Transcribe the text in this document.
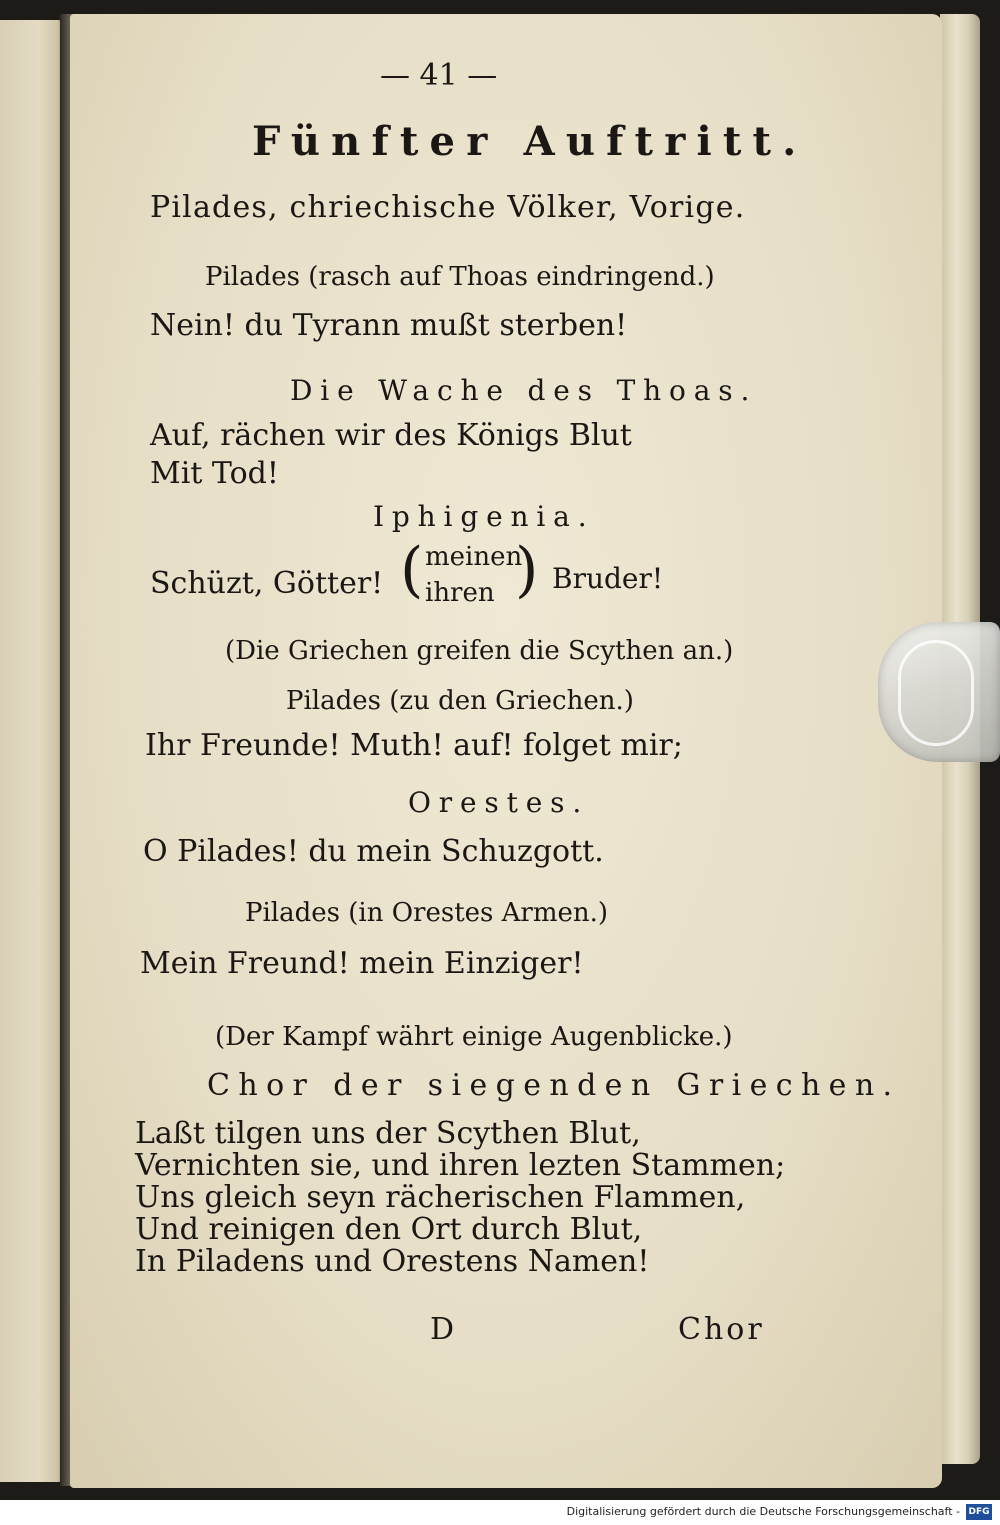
— 41 —
Fünfter Auftritt.
Pilades, chriechische Völker, Vorige.
Pilades (rasch auf Thoas eindringend.)
Nein! du Tyrann mußt sterben!
Die Wache des Thoas.
Auf, rächen wir des Königs Blut
Mit Tod!
Iphigenia.
Schüzt, Götter! ( meinen
ihren ) Bruder!
(Die Griechen greifen die Scythen an.)
Pilades (zu den Griechen.)
Ihr Freunde! Muth! auf! folget mir;
Orestes.
O Pilades! du mein Schuzgott.
Pilades (in Orestes Armen.)
Mein Freund! mein Einziger!
(Der Kampf währt einige Augenblicke.)
Chor der siegenden Griechen.
Laßt tilgen uns der Scythen Blut,
Vernichten sie, und ihren lezten Stammen;
Uns gleich seyn rächerischen Flammen,
Und reinigen den Ort durch Blut,
In Piladens und Orestens Namen!
D	Chor
Digitalisierung gefördert durch die Deutsche Forschungsgemeinschaft - DFG
